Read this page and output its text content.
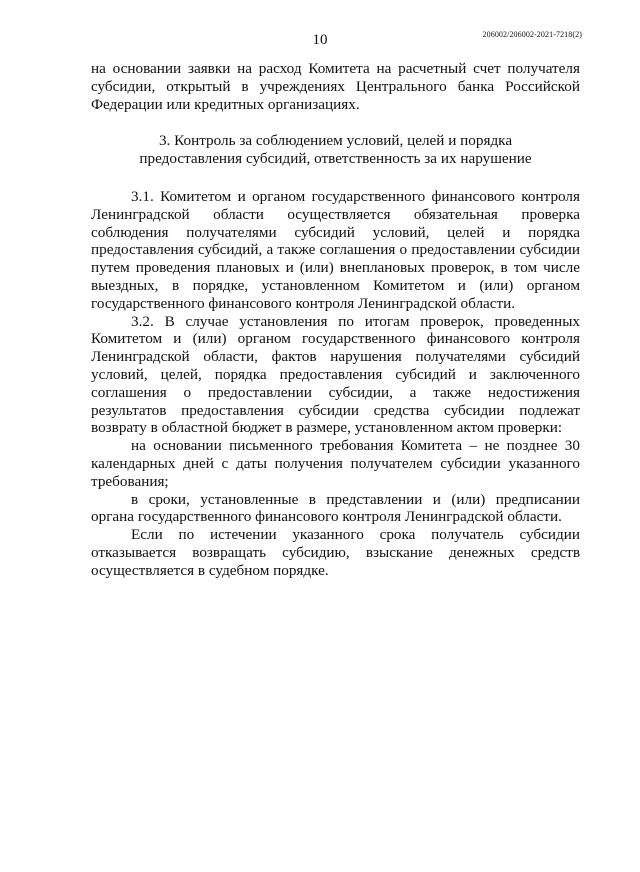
10	206002/206002-2021-7218(2)

на основании заявки на расход Комитета на расчетный счет получателя субсидии, открытый в учреждениях Центрального банка Российской Федерации или кредитных организациях.

3. Контроль за соблюдением условий, целей и порядка
предоставления субсидий, ответственность за их нарушение

3.1. Комитетом и органом государственного финансового контроля Ленинградской области осуществляется обязательная проверка соблюдения получателями субсидий условий, целей и порядка предоставления субсидий, а также соглашения о предоставлении субсидии путем проведения плановых и (или) внеплановых проверок, в том числе выездных, в порядке, установленном Комитетом и (или) органом государственного финансового контроля Ленинградской области.

3.2. В случае установления по итогам проверок, проведенных Комитетом и (или) органом государственного финансового контроля Ленинградской области, фактов нарушения получателями субсидий условий, целей, порядка предоставления субсидий и заключенного соглашения о предоставлении субсидии, а также недостижения результатов предоставления субсидии средства субсидии подлежат возврату в областной бюджет в размере, установленном актом проверки:

на основании письменного требования Комитета – не позднее 30 календарных дней с даты получения получателем субсидии указанного требования;

в сроки, установленные в представлении и (или) предписании органа государственного финансового контроля Ленинградской области.

Если по истечении указанного срока получатель субсидии отказывается возвращать субсидию, взыскание денежных средств осуществляется в судебном порядке.
